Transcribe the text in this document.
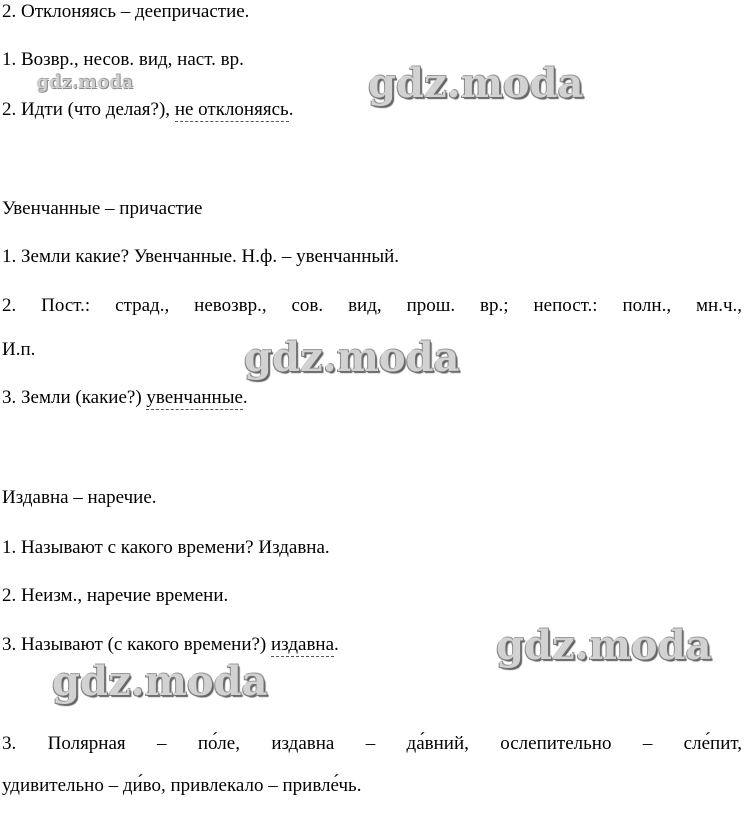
2. Отклоняясь – деепричастие.
1. Возвр., несов. вид, наст. вр.
2. Идти (что делая?), не отклоняясь.
Увенчанные – причастие
1. Земли какие? Увенчанные. Н.ф. – увенчанный.
2. Пост.: страд., невозвр., сов. вид, прош. вр.; непост.: полн., мн.ч.,
И.п.
3. Земли (какие?) увенчанные.
Издавна – наречие.
1. Называют с какого времени? Издавна.
2. Неизм., наречие времени.
3. Называют (с какого времени?) издавна.
3. Полярная – по́ле, издавна – да́вний, ослепительно – сле́пит,
удивительно – ди́во, привлекало – привле́чь.
gdz.moda	gdz.moda
gdz.moda
gdz.moda
gdz.moda
